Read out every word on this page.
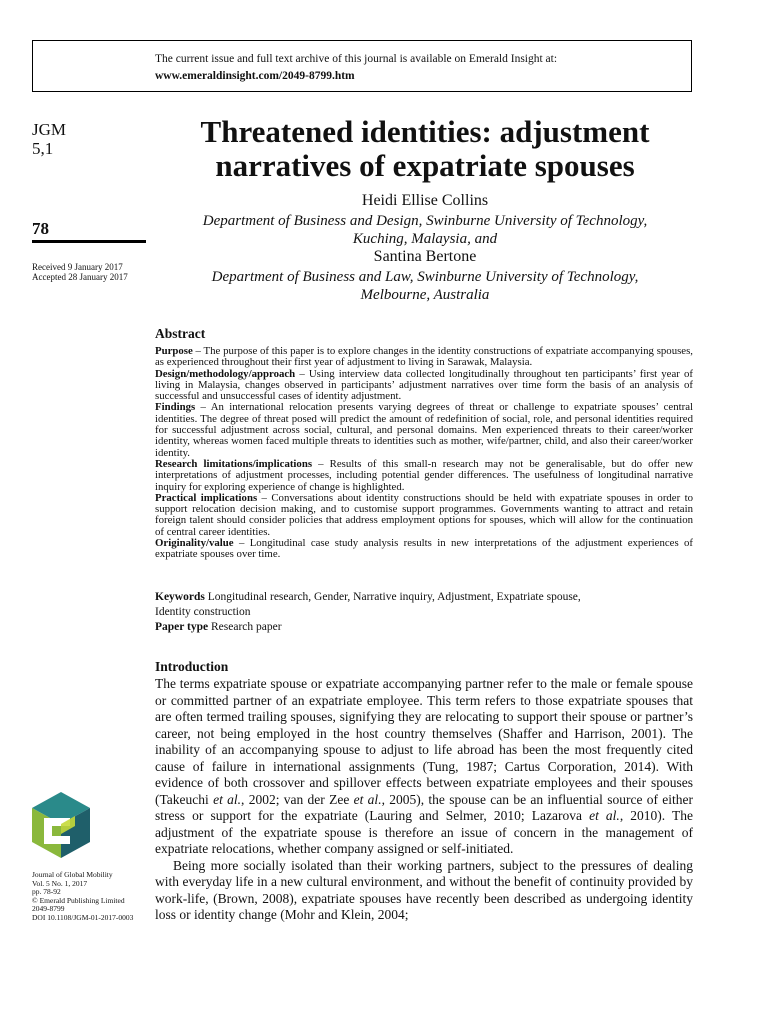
The current issue and full text archive of this journal is available on Emerald Insight at:
www.emeraldinsight.com/2049-8799.htm
JGM
5,1
78
Received 9 January 2017
Accepted 28 January 2017
Threatened identities: adjustment
narratives of expatriate spouses
Heidi Ellise Collins
Department of Business and Design, Swinburne University of Technology,
Kuching, Malaysia, and
Santina Bertone
Department of Business and Law, Swinburne University of Technology,
Melbourne, Australia
Abstract

Purpose – The purpose of this paper is to explore changes in the identity constructions of expatriate accompanying spouses, as experienced throughout their first year of adjustment to living in Sarawak, Malaysia.

Design/methodology/approach – Using interview data collected longitudinally throughout ten participants’ first year of living in Malaysia, changes observed in participants’ adjustment narratives over time form the basis of an analysis of successful and unsuccessful cases of identity adjustment.

Findings – An international relocation presents varying degrees of threat or challenge to expatriate spouses’ central identities. The degree of threat posed will predict the amount of redefinition of social, role, and personal identities required for successful adjustment across social, cultural, and personal domains. Men experienced threats to their career/worker identity, whereas women faced multiple threats to identities such as mother, wife/partner, child, and also their career/worker identity.

Research limitations/implications – Results of this small-n research may not be generalisable, but do offer new interpretations of adjustment processes, including potential gender differences. The usefulness of longitudinal narrative inquiry for exploring experience of change is highlighted.

Practical implications – Conversations about identity constructions should be held with expatriate spouses in order to support relocation decision making, and to customise support programmes. Governments wanting to attract and retain foreign talent should consider policies that address employment options for spouses, which will allow for the continuation of central career identities.

Originality/value – Longitudinal case study analysis results in new interpretations of the adjustment experiences of expatriate spouses over time.

Keywords Longitudinal research, Gender, Narrative inquiry, Adjustment, Expatriate spouse,
Identity construction
Paper type Research paper
Introduction

The terms expatriate spouse or expatriate accompanying partner refer to the male or female spouse or committed partner of an expatriate employee. This term refers to those expatriate spouses that are often termed trailing spouses, signifying they are relocating to support their spouse or partner’s career, not being employed in the host country themselves (Shaffer and Harrison, 2001). The inability of an accompanying spouse to adjust to life abroad has been the most frequently cited cause of failure in international assignments (Tung, 1987; Cartus Corporation, 2014). With evidence of both crossover and spillover effects between expatriate employees and their spouses (Takeuchi et al., 2002; van der Zee et al., 2005), the spouse can be an influential source of either stress or support for the expatriate (Lauring and Selmer, 2010; Lazarova et al., 2010). The adjustment of the expatriate spouse is therefore an issue of concern in the management of expatriate relocations, whether company assigned or self-initiated.

Being more socially isolated than their working partners, subject to the pressures of dealing with everyday life in a new cultural environment, and without the benefit of continuity provided by work-life, (Brown, 2008), expatriate spouses have recently been described as undergoing identity loss or identity change (Mohr and Klein, 2004;

Journal of Global Mobility
Vol. 5 No. 1, 2017
pp. 78-92
© Emerald Publishing Limited
2049-8799
DOI 10.1108/JGM-01-2017-0003
